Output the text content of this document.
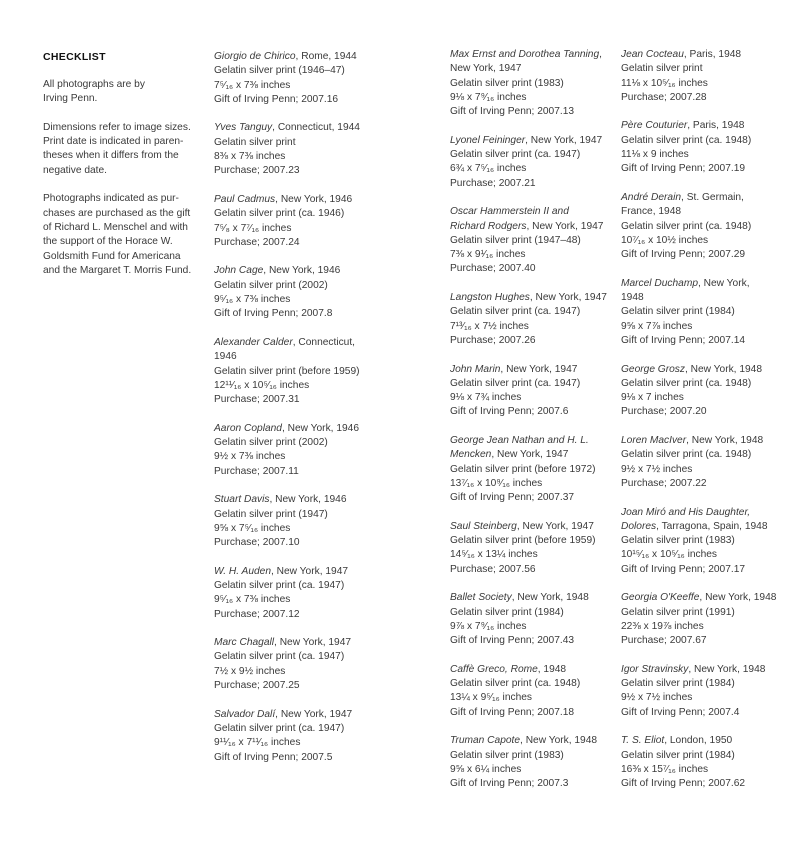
CHECKLIST
All photographs are by
Irving Penn.
Dimensions refer to image sizes.
Print date is indicated in paren-
theses when it differs from the
negative date.
Photographs indicated as pur-
chases are purchased as the gift
of Richard L. Menschel and with
the support of the Horace W.
Goldsmith Fund for Americana
and the Margaret T. Morris Fund.
Giorgio de Chirico, Rome, 1944
Gelatin silver print (1946–47)
7⁵⁄₁₆ x 7⅜ inches
Gift of Irving Penn; 2007.16
Yves Tanguy, Connecticut, 1944
Gelatin silver print
8⅜ x 7⅜ inches
Purchase; 2007.23
Paul Cadmus, New York, 1946
Gelatin silver print (ca. 1946)
7⁵⁄₈ x 7⁷⁄₁₆ inches
Purchase; 2007.24
John Cage, New York, 1946
Gelatin silver print (2002)
9⁵⁄₁₆ x 7⅜ inches
Gift of Irving Penn; 2007.8
Alexander Calder, Connecticut,
1946
Gelatin silver print (before 1959)
12¹¹⁄₁₆ x 10⁵⁄₁₆ inches
Purchase; 2007.31
Aaron Copland, New York, 1946
Gelatin silver print (2002)
9½ x 7⅜ inches
Purchase; 2007.11
Stuart Davis, New York, 1946
Gelatin silver print (1947)
9⅝ x 7⁵⁄₁₆ inches
Purchase; 2007.10
W. H. Auden, New York, 1947
Gelatin silver print (ca. 1947)
9⁵⁄₁₆ x 7⅜ inches
Purchase; 2007.12
Marc Chagall, New York, 1947
Gelatin silver print (ca. 1947)
7½ x 9½ inches
Purchase; 2007.25
Salvador Dalí, New York, 1947
Gelatin silver print (ca. 1947)
9¹¹⁄₁₆ x 7¹¹⁄₁₆ inches
Gift of Irving Penn; 2007.5
Max Ernst and Dorothea Tanning,
New York, 1947
Gelatin silver print (1983)
9⅛ x 7⁹⁄₁₆ inches
Gift of Irving Penn; 2007.13
Lyonel Feininger, New York, 1947
Gelatin silver print (ca. 1947)
6¾ x 7⁵⁄₁₆ inches
Purchase; 2007.21
Oscar Hammerstein II and
Richard Rodgers, New York, 1947
Gelatin silver print (1947–48)
7⅜ x 9¹⁄₁₆ inches
Purchase; 2007.40
Langston Hughes, New York, 1947
Gelatin silver print (ca. 1947)
7¹³⁄₁₆ x 7½ inches
Purchase; 2007.26
John Marin, New York, 1947
Gelatin silver print (ca. 1947)
9⅛ x 7¾ inches
Gift of Irving Penn; 2007.6
George Jean Nathan and H. L.
Mencken, New York, 1947
Gelatin silver print (before 1972)
13⁷⁄₁₆ x 10⁹⁄₁₆ inches
Gift of Irving Penn; 2007.37
Saul Steinberg, New York, 1947
Gelatin silver print (before 1959)
14⁵⁄₁₆ x 13¼ inches
Purchase; 2007.56
Ballet Society, New York, 1948
Gelatin silver print (1984)
9⅞ x 7⁹⁄₁₆ inches
Gift of Irving Penn; 2007.43
Caffè Greco, Rome, 1948
Gelatin silver print (ca. 1948)
13¼ x 9⁵⁄₁₆ inches
Gift of Irving Penn; 2007.18
Truman Capote, New York, 1948
Gelatin silver print (1983)
9⅝ x 6¼ inches
Gift of Irving Penn; 2007.3
Jean Cocteau, Paris, 1948
Gelatin silver print
11⅛ x 10⁵⁄₁₆ inches
Purchase; 2007.28
Père Couturier, Paris, 1948
Gelatin silver print (ca. 1948)
11⅛ x 9 inches
Gift of Irving Penn; 2007.19
André Derain, St. Germain,
France, 1948
Gelatin silver print (ca. 1948)
10⁷⁄₁₆ x 10½ inches
Gift of Irving Penn; 2007.29
Marcel Duchamp, New York,
1948
Gelatin silver print (1984)
9⅝ x 7⅞ inches
Gift of Irving Penn; 2007.14
George Grosz, New York, 1948
Gelatin silver print (ca. 1948)
9⅛ x 7 inches
Purchase; 2007.20
Loren MacIver, New York, 1948
Gelatin silver print (ca. 1948)
9½ x 7½ inches
Purchase; 2007.22
Joan Miró and His Daughter,
Dolores, Tarragona, Spain, 1948
Gelatin silver print (1983)
10¹⁵⁄₁₆ x 10⁵⁄₁₆ inches
Gift of Irving Penn; 2007.17
Georgia O'Keeffe, New York, 1948
Gelatin silver print (1991)
22⅜ x 19⅞ inches
Purchase; 2007.67
Igor Stravinsky, New York, 1948
Gelatin silver print (1984)
9½ x 7½ inches
Gift of Irving Penn; 2007.4
T. S. Eliot, London, 1950
Gelatin silver print (1984)
16⅜ x 15⁷⁄₁₆ inches
Gift of Irving Penn; 2007.62
